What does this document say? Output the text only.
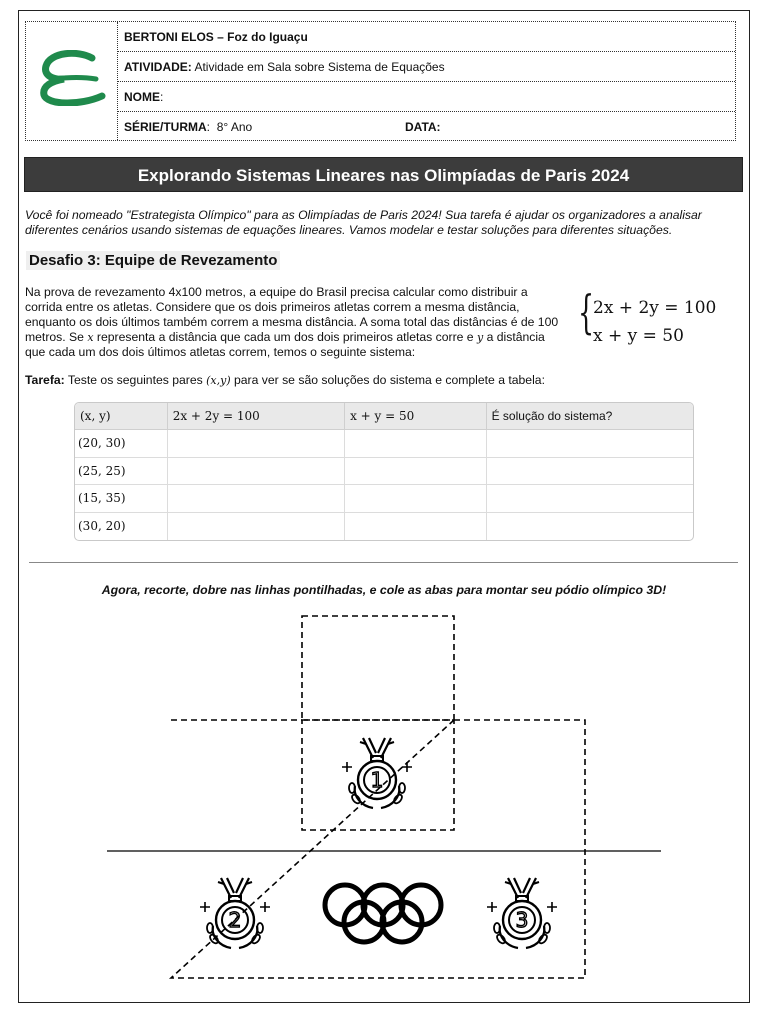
BERTONI ELOS – Foz do Iguaçu
ATIVIDADE: Atividade em Sala sobre Sistema de Equações
NOME:
SÉRIE/TURMA: 8° Ano	DATA:
Explorando Sistemas Lineares nas Olimpíadas de Paris 2024
Você foi nomeado "Estrategista Olímpico" para as Olimpíadas de Paris 2024! Sua tarefa é ajudar os organizadores a analisar diferentes cenários usando sistemas de equações lineares. Vamos modelar e testar soluções para diferentes situações.
Desafio 3: Equipe de Revezamento
Na prova de revezamento 4x100 metros, a equipe do Brasil precisa calcular como distribuir a corrida entre os atletas. Considere que os dois primeiros atletas correm a mesma distância, enquanto os dois últimos também correm a mesma distância. A soma total das distâncias é de 100 metros. Se x representa a distância que cada um dos dois primeiros atletas corre e y a distância que cada um dos dois últimos atletas correm, temos o seguinte sistema:
{
2x + 2y = 100
x + y = 50
Tarefa: Teste os seguintes pares (x,y) para ver se são soluções do sistema e complete a tabela:
(x, y)	2x + 2y = 100	x + y = 50	É solução do sistema?
(20, 30)			
(25, 25)			
(15, 35)			
(30, 20)			
Agora, recorte, dobre nas linhas pontilhadas, e cole as abas para montar seu pódio olímpico 3D!
1
2	3
